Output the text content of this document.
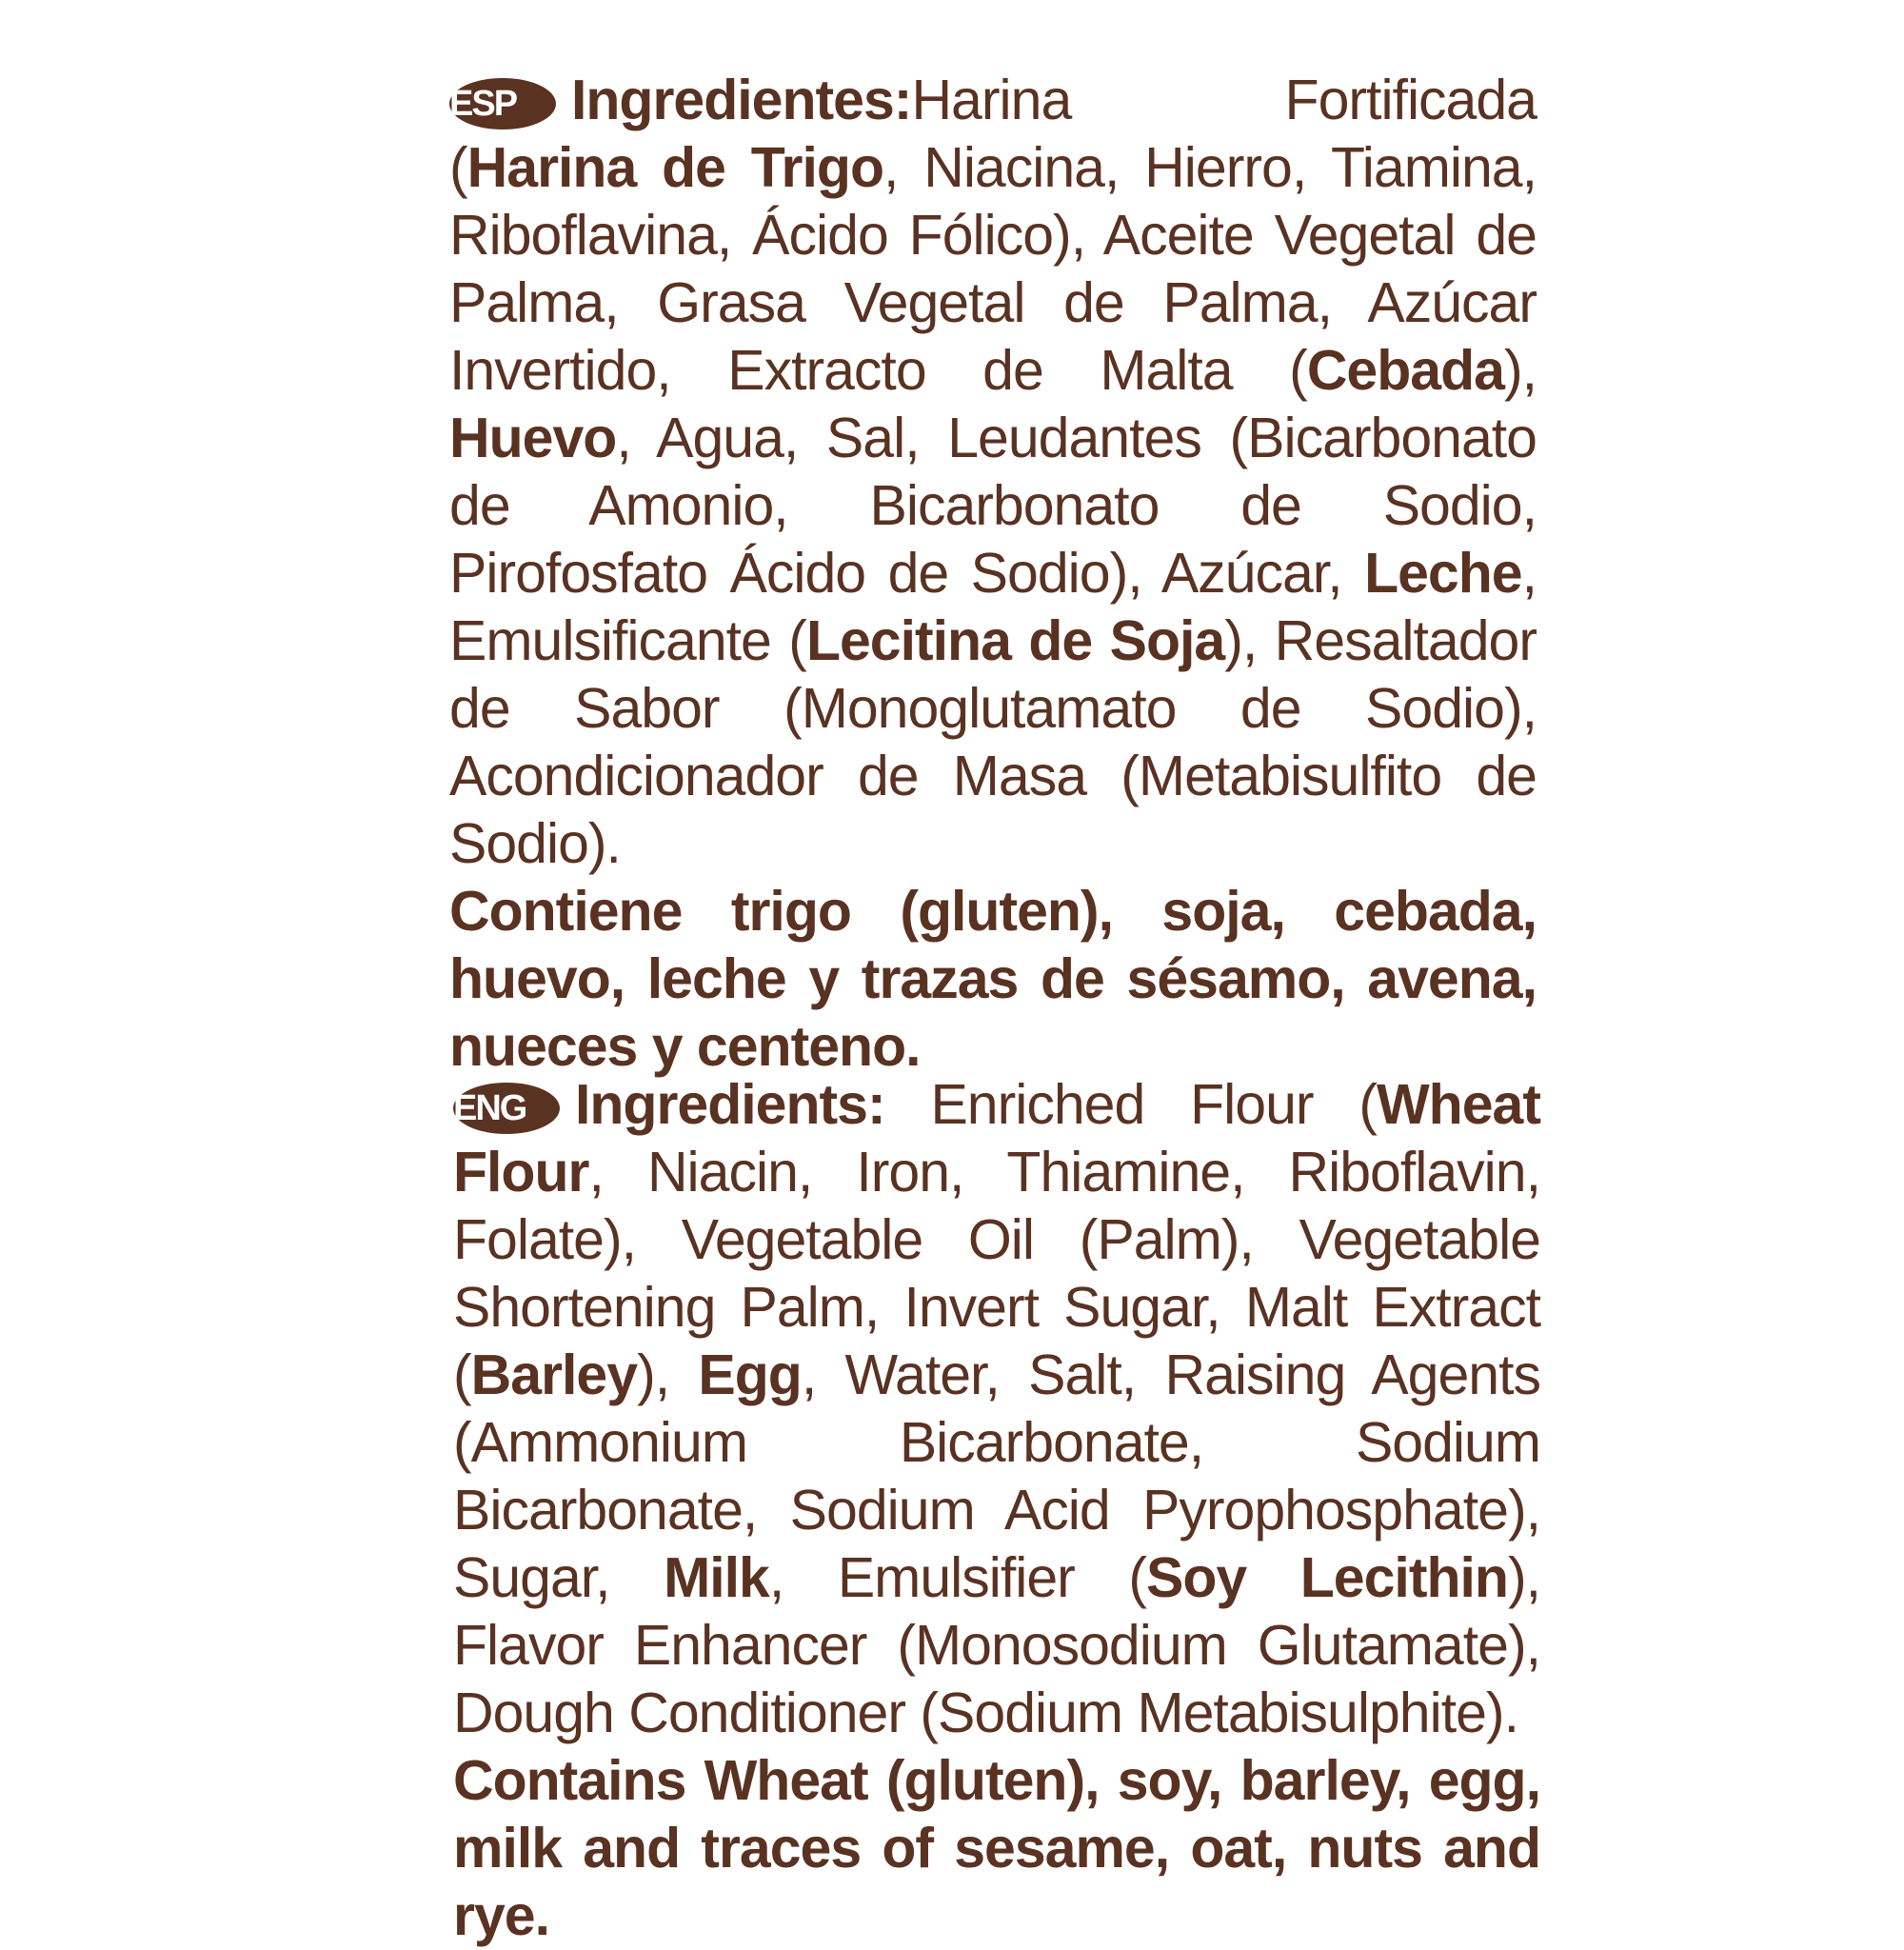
ESP Ingredientes:Harina Fortificada (Harina de Trigo, Niacina, Hierro, Tiamina, Riboflavina, Ácido Fólico), Aceite Vegetal de Palma, Grasa Vegetal de Palma, Azúcar Invertido, Extracto de Malta (Cebada), Huevo, Agua, Sal, Leudantes (Bicarbonato de Amonio, Bicarbonato de Sodio, Pirofosfato Ácido de Sodio), Azúcar, Leche, Emulsificante (Lecitina de Soja), Resaltador de Sabor (Monoglutamato de Sodio), Acondicionador de Masa (Metabisulfito de Sodio).
Contiene trigo (gluten), soja, cebada, huevo, leche y trazas de sésamo, avena, nueces y centeno.
ENG Ingredients: Enriched Flour (Wheat Flour, Niacin, Iron, Thiamine, Riboflavin, Folate), Vegetable Oil (Palm), Vegetable Shortening Palm, Invert Sugar, Malt Extract (Barley), Egg, Water, Salt, Raising Agents (Ammonium Bicarbonate, Sodium Bicarbonate, Sodium Acid Pyrophosphate), Sugar, Milk, Emulsifier (Soy Lecithin), Flavor Enhancer (Monosodium Glutamate), Dough Conditioner (Sodium Metabisulphite).
Contains Wheat (gluten), soy, barley, egg, milk and traces of sesame, oat, nuts and rye.
